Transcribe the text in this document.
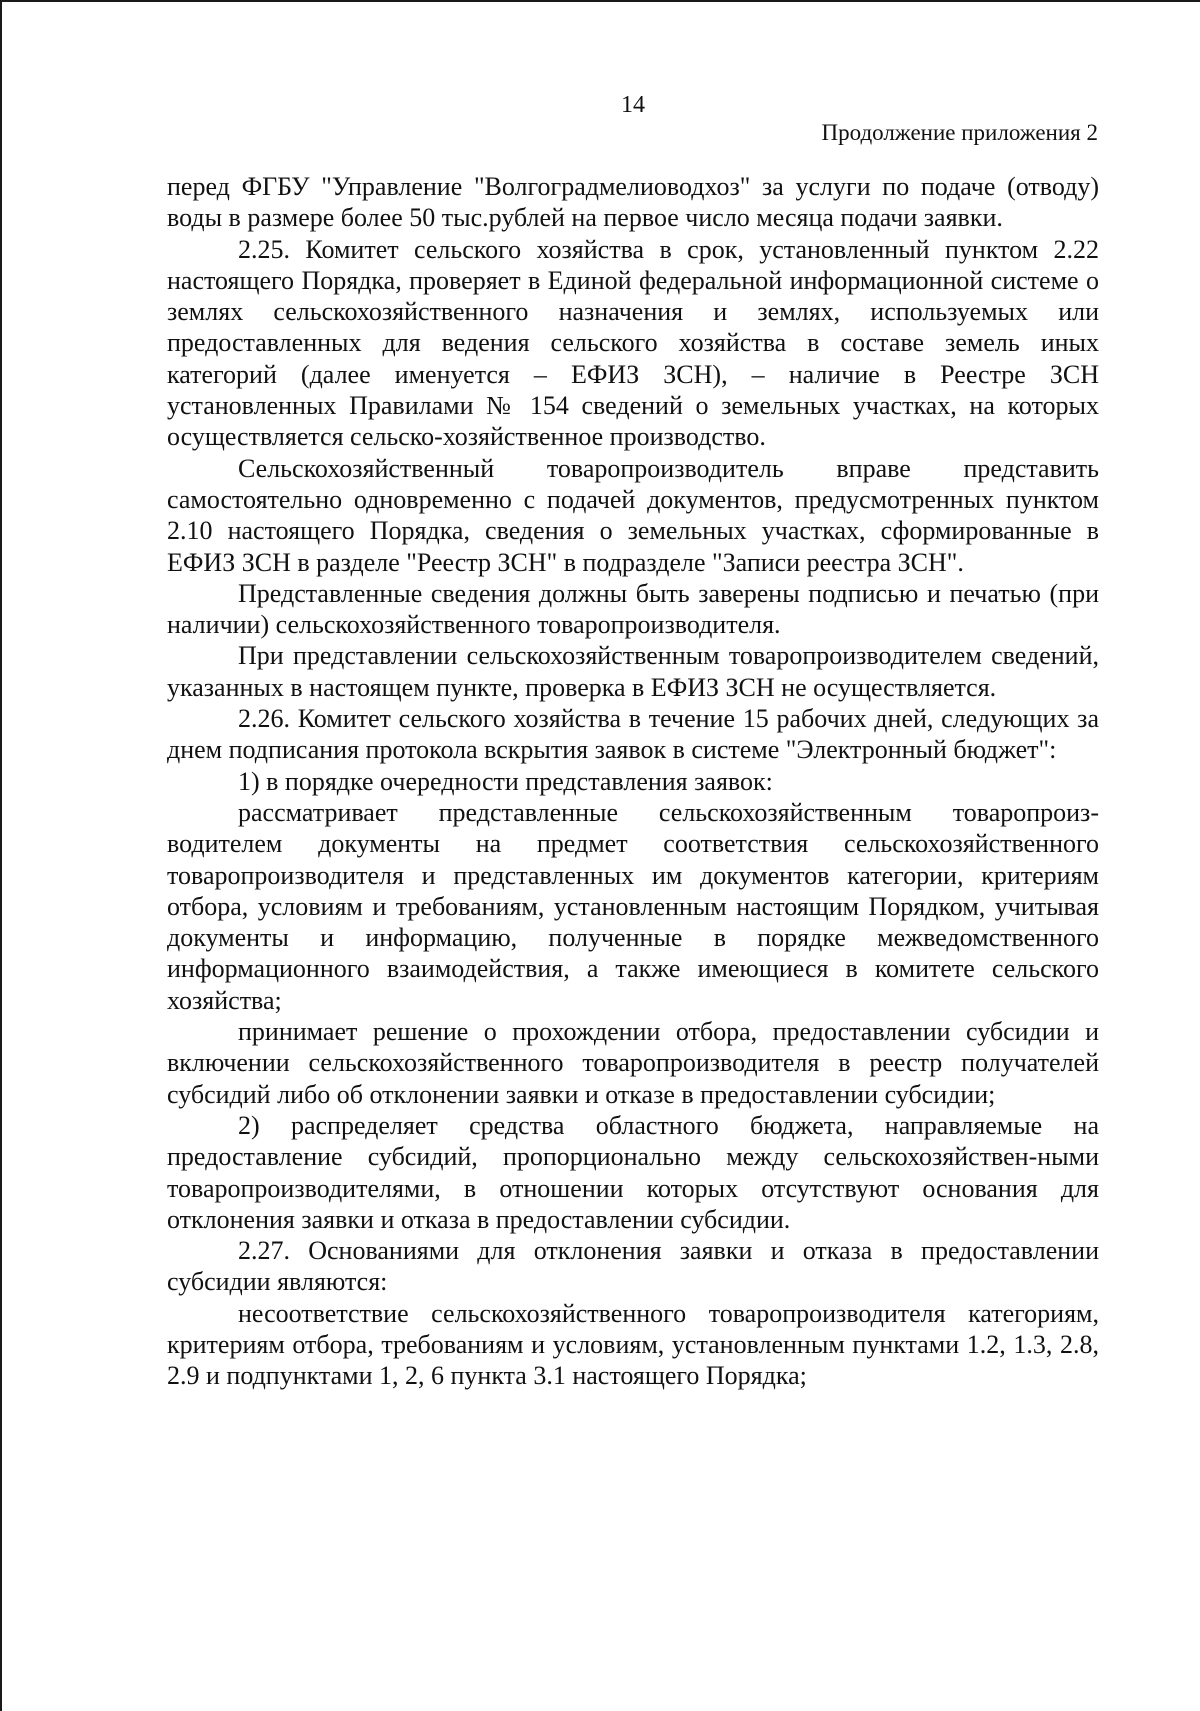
14
Продолжение приложения 2

перед ФГБУ "Управление "Волгоградмелиоводхоз" за услуги по подаче (отводу) воды в размере более 50 тыс.рублей на первое число месяца подачи заявки.

2.25. Комитет сельского хозяйства в срок, установленный пунктом 2.22 настоящего Порядка, проверяет в Единой федеральной информационной системе о землях сельскохозяйственного назначения и землях, используемых или предоставленных для ведения сельского хозяйства в составе земель иных категорий (далее именуется – ЕФИЗ ЗСН), – наличие в Реестре ЗСН установленных Правилами № 154 сведений о земельных участках, на которых осуществляется сельско-хозяйственное производство.

Сельскохозяйственный товаропроизводитель вправе представить самостоятельно одновременно с подачей документов, предусмотренных пунктом 2.10 настоящего Порядка, сведения о земельных участках, сформированные в ЕФИЗ ЗСН в разделе "Реестр ЗСН" в подразделе "Записи реестра ЗСН".

Представленные сведения должны быть заверены подписью и печатью (при наличии) сельскохозяйственного товаропроизводителя.

При представлении сельскохозяйственным товаропроизводителем сведений, указанных в настоящем пункте, проверка в ЕФИЗ ЗСН не осуществляется.

2.26. Комитет сельского хозяйства в течение 15 рабочих дней, следующих за днем подписания протокола вскрытия заявок в системе "Электронный бюджет":

1) в порядке очередности представления заявок:

рассматривает представленные сельскохозяйственным товаропроиз-водителем документы на предмет соответствия сельскохозяйственного товаропроизводителя и представленных им документов категории, критериям отбора, условиям и требованиям, установленным настоящим Порядком, учитывая документы и информацию, полученные в порядке межведомственного информационного взаимодействия, а также имеющиеся в комитете сельского хозяйства;

принимает решение о прохождении отбора, предоставлении субсидии и включении сельскохозяйственного товаропроизводителя в реестр получателей субсидий либо об отклонении заявки и отказе в предоставлении субсидии;

2) распределяет средства областного бюджета, направляемые на предоставление субсидий, пропорционально между сельскохозяйствен-ными товаропроизводителями, в отношении которых отсутствуют основания для отклонения заявки и отказа в предоставлении субсидии.

2.27. Основаниями для отклонения заявки и отказа в предоставлении субсидии являются:

несоответствие сельскохозяйственного товаропроизводителя категориям, критериям отбора, требованиям и условиям, установленным пунктами 1.2, 1.3, 2.8, 2.9 и подпунктами 1, 2, 6 пункта 3.1 настоящего Порядка;
